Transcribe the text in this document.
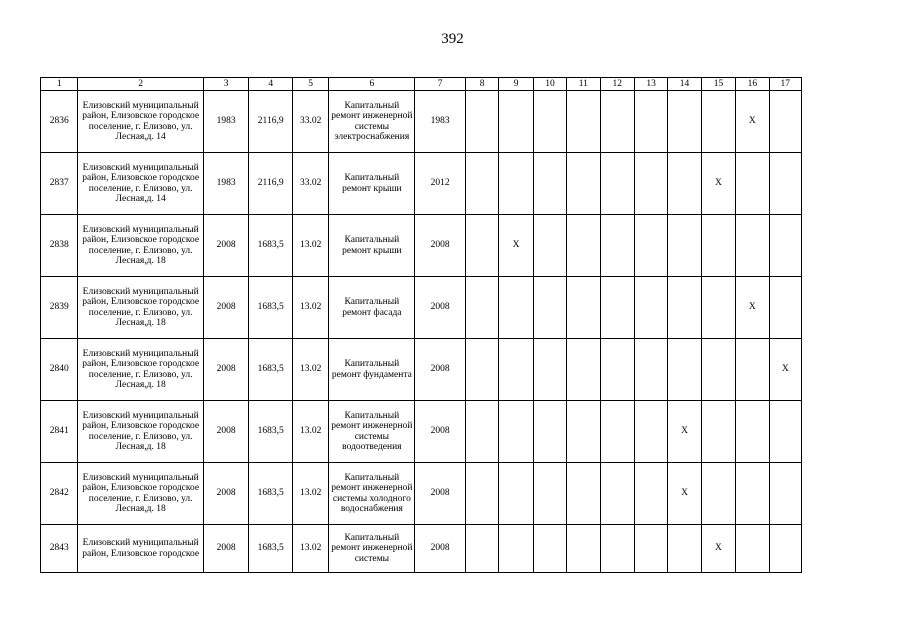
392
1	2	3	4	5	6	7	8	9	10	11	12	13	14	15	16	17
2836	Елизовский муниципальный район, Елизовское городское поселение, г. Елизово, ул. Лесная,д. 14	1983	2116,9	33.02	Капитальный ремонт инженерной системы электроснабжения	1983									X	
2837	Елизовский муниципальный район, Елизовское городское поселение, г. Елизово, ул. Лесная,д. 14	1983	2116,9	33.02	Капитальный ремонт крыши	2012								X		
2838	Елизовский муниципальный район, Елизовское городское поселение, г. Елизово, ул. Лесная,д. 18	2008	1683,5	13.02	Капитальный ремонт крыши	2008		X								
2839	Елизовский муниципальный район, Елизовское городское поселение, г. Елизово, ул. Лесная,д. 18	2008	1683,5	13.02	Капитальный ремонт фасада	2008									X	
2840	Елизовский муниципальный район, Елизовское городское поселение, г. Елизово, ул. Лесная,д. 18	2008	1683,5	13.02	Капитальный ремонт фундамента	2008										X
2841	Елизовский муниципальный район, Елизовское городское поселение, г. Елизово, ул. Лесная,д. 18	2008	1683,5	13.02	Капитальный ремонт инженерной системы водоотведения	2008							X			
2842	Елизовский муниципальный район, Елизовское городское поселение, г. Елизово, ул. Лесная,д. 18	2008	1683,5	13.02	Капитальный ремонт инженерной системы холодного водоснабжения	2008							X			
2843	Елизовский муниципальный район, Елизовское городское	2008	1683,5	13.02	Капитальный ремонт инженерной системы	2008								X		
